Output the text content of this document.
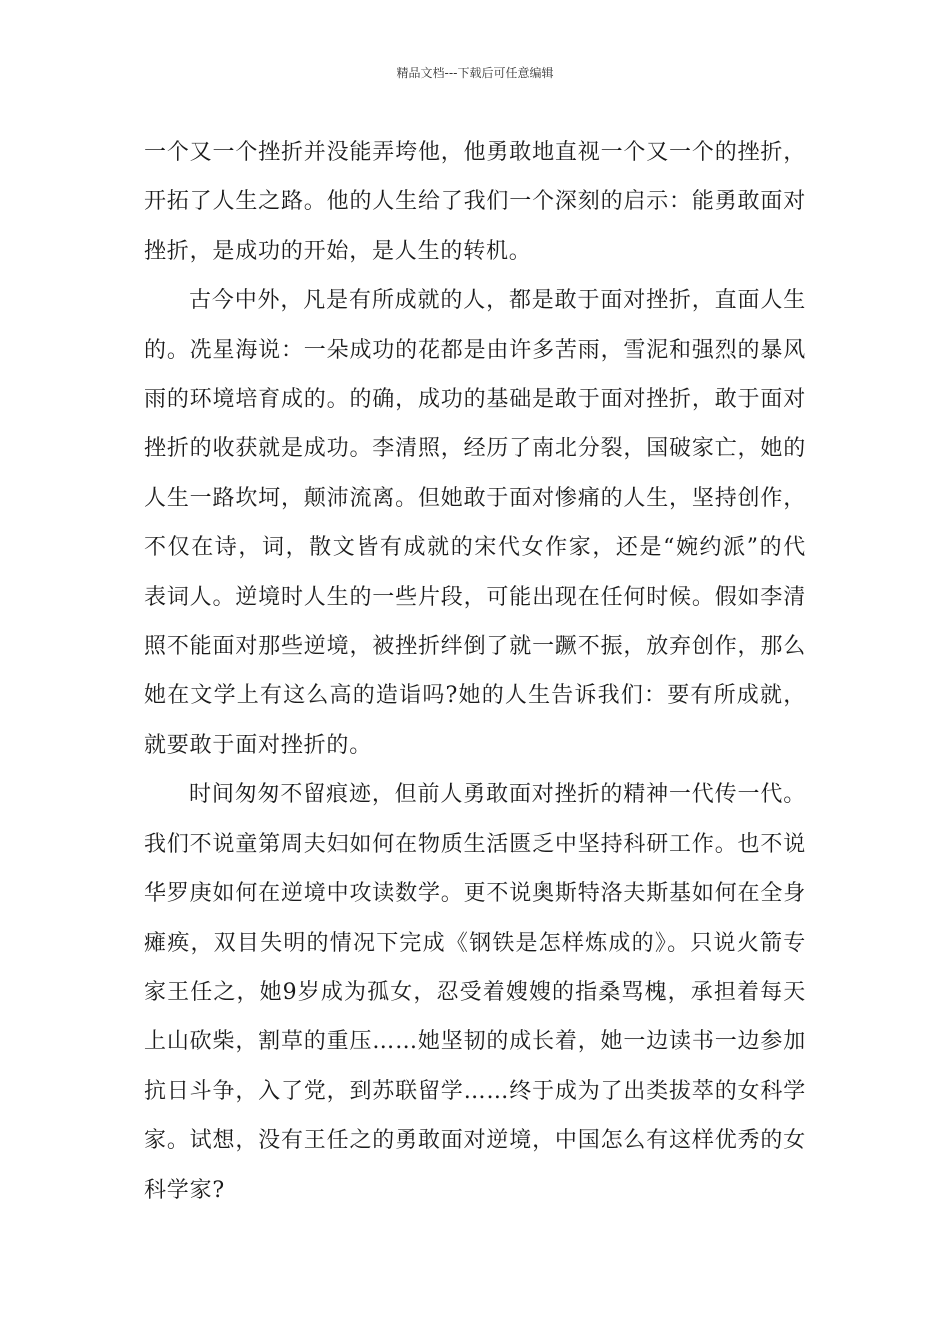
精品文档---下载后可任意编辑

一个又一个挫折并没能弄垮他，他勇敢地直视一个又一个的挫折，开拓了人生之路。他的人生给了我们一个深刻的启示：能勇敢面对挫折，是成功的开始，是人生的转机。

古今中外，凡是有所成就的人，都是敢于面对挫折，直面人生的。冼星海说：一朵成功的花都是由许多苦雨，雪泥和强烈的暴风雨的环境培育成的。的确，成功的基础是敢于面对挫折，敢于面对挫折的收获就是成功。李清照，经历了南北分裂，国破家亡，她的人生一路坎坷，颠沛流离。但她敢于面对惨痛的人生，坚持创作，不仅在诗，词，散文皆有成就的宋代女作家，还是“婉约派”的代表词人。逆境时人生的一些片段，可能出现在任何时候。假如李清照不能面对那些逆境，被挫折绊倒了就一蹶不振，放弃创作，那么她在文学上有这么高的造诣吗?她的人生告诉我们：要有所成就，就要敢于面对挫折的。

时间匆匆不留痕迹，但前人勇敢面对挫折的精神一代传一代。我们不说童第周夫妇如何在物质生活匮乏中坚持科研工作。也不说华罗庚如何在逆境中攻读数学。更不说奥斯特洛夫斯基如何在全身瘫痪，双目失明的情况下完成《钢铁是怎样炼成的》。只说火箭专家王任之，她9岁成为孤女，忍受着嫂嫂的指桑骂槐，承担着每天上山砍柴，割草的重压……她坚韧的成长着，她一边读书一边参加抗日斗争，入了党，到苏联留学……终于成为了出类拔萃的女科学家。试想，没有王任之的勇敢面对逆境，中国怎么有这样优秀的女科学家?
